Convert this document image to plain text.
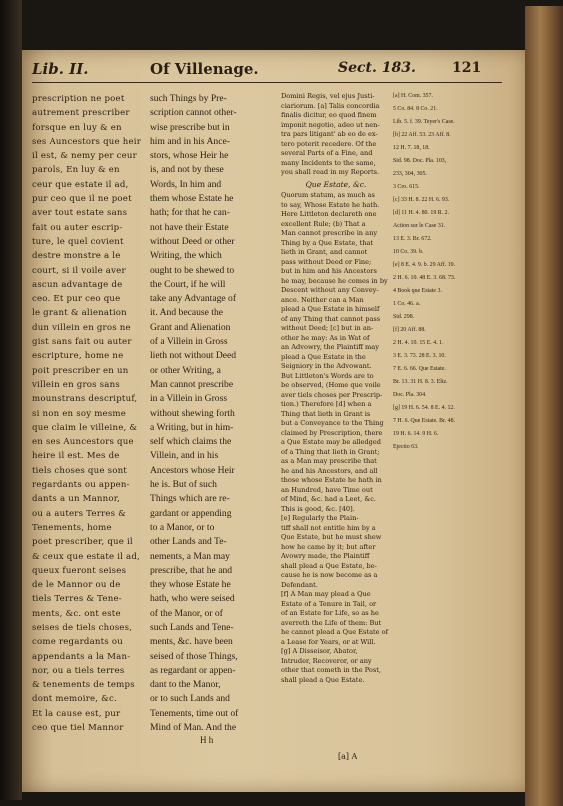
Lib. II.	Of Villenage.	Sect. 183.	121
prescription ne poet
autrement prescriber
forsque en luy & en
ses Auncestors que heir
il est, & nemy per ceur
parols, En luy & en
ceur que estate il ad,
pur ceo que il ne poet
aver tout estate sans
fait ou auter escrip-
ture, le quel covient
destre monstre a le
court, si il voile aver
ascun advantage de
ceo. Et pur ceo que
le grant & alienation
dun villein en gros ne
gist sans fait ou auter
escripture, home ne
poit prescriber en un
villein en gros sans
mounstrans descriptuf,
si non en soy mesme
que claim le villeine, &
en ses Auncestors que
heire il est. Mes de
tiels choses que sont
regardants ou appen-
dants a un Mannor,
ou a auters Terres &
Tenements, home
poet prescriber, que il
& ceux que estate il ad,
queux fueront seises
de le Mannor ou de
tiels Terres & Tene-
ments, &c. ont este
seises de tiels choses,
come regardants ou
appendants a la Man-
nor, ou a tiels terres
& tenements de temps
dont memoire, &c.
Et la cause est, pur
ceo que tiel Mannor
such Things by Pre-
scription cannot other-
wise prescribe but in
him and in his Ance-
stors, whose Heir he
is, and not by these
Words, In him and
them whose Estate he
hath; for that he can-
not have their Estate
without Deed or other
Writing, the which
ought to be shewed to
the Court, if he will
take any Advantage of
it. And because the
Grant and Alienation
of a Villein in Gross
lieth not without Deed
or other Writing, a
Man cannot prescribe
in a Villein in Gross
without shewing forth
a Writing, but in him-
self which claims the
Villein, and in his
Ancestors whose Heir
he is. But of such
Things which are re-
gardant or appending
to a Manor, or to
other Lands and Te-
nements, a Man may
prescribe, that he and
they whose Estate he
hath, who were seised
of the Manor, or of
such Lands and Tene-
ments, &c. have been
seised of those Things,
as regardant or appen-
dant to the Manor,
or to such Lands and
Tenements, time out of
Mind of Man. And the
Domini Regis, vel ejus Justi-
ciariorum. [a] Talis concordia
finalis dicitur, eo quod finem
imponit negotio, adeo ut nen-
tra pars litigant' ab eo de ex-
tero poterit recedere. Of the
several Parts of a Fine, and
many Incidents to the same,
you shall read in my Reports.
Que Estate, &c.
Quorum statum, as much as
to say, Whose Estate he hath.
Here Littleton declareth one
excellent Rule; (b) That a
Man cannot prescribe in any
Thing by a Que Estate, that
lieth in Grant, and cannot
pass without Deed or Fine;
but in him and his Ancestors
he may, because he comes in by
Descent without any Convey-
ance. Neither can a Man
plead a Que Estate in himself
of any Thing that cannot pass
without Deed; [c] but in an-
other he may: As in Wat of
an Advowry, the Plaintiff may
plead a Que Estate in the
Seigniory in the Advowant.
But Littleton's Words are to
be observed, (Home que voile
aver tiels choses per Prescrip-
tion.) Therefore [d] when a
Thing that lieth in Grant is
but a Conveyance to the Thing
claimed by Prescription, there
a Que Estate may be alledged
of a Thing that lieth in Grant;
as a Man may prescribe that
he and his Ancestors, and all
those whose Estate he hath in
an Hundred, have Time out
of Mind, &c. had a Leet, &c.
This is good, &c. [40].
[e] Regularly the Plain-
tiff shall not entitle him by a
Que Estate, but he must shew
how he came by it; but after
Avowry made, the Plaintiff
shall plead a Que Estate, be-
cause he is now become as a
Defendant.
[f] A Man may plead a Que
Estate of a Tenure in Tail, or
of an Estate for Life, so as he
averreth the Life of them: But
he cannot plead a Que Estate of
a Lease for Years, or at Will.
[g] A Disseisor, Abator,
Intruder, Recoveror, or any
other that cometh in the Post,
shall plead a Que Estate.
[a] H. Com. 357.
5 Co. 84. 8 Co. 21.
Lib. 5. f. 39. Teyer's Case.
[b] 22 Aff. 53. 23 Aff. 8.
12 H. 7. 18, 18.
Sid. 98. Doc. Pla. 103,
233, 304, 305.
3 Cro. 615.
[c] 33 H. 8. 22 H. 6. 93.
[d] 11 H. 4. 80. 19 R. 2.
Action sur le Case 31.
13 E. 3. Br. 672.
10 Co. 39. b.
[e] 8 E. 4. 9. b. 29 Aff. 19.
2 H. 6. 10. 48 E. 3. 68. 73.
4 Book que Estate 3.
1 Co. 46. a.
Sid. 298.
[f] 20 Aff. 88.
2 H. 4. 10. 15 E. 4. 1.
3 E. 3. 73. 28 E. 3. 10.
7 E. 6. 66. Que Estate.
Br. 13. 31 H. 8. 3. Eliz.
Doc. Pla. 304.
[g] 19 H. 6. 54. 8 E. 4. 12.
7 H. 6. Que Estate. Br. 48.
19 H. 6. 14. 9 H. 6.
Ejectio 63.
H h
[a] A
